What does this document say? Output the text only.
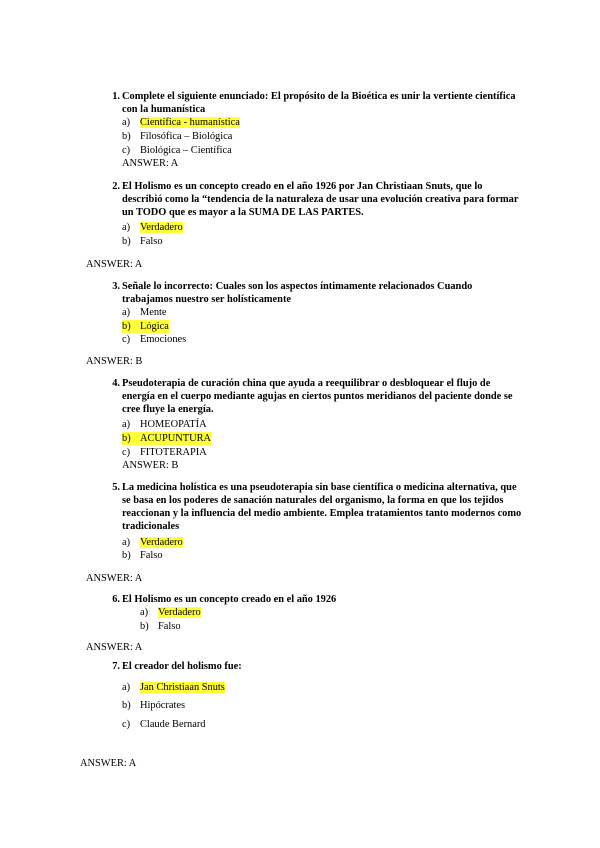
1. Complete el siguiente enunciado: El propósito de la Bioética es unir la vertiente científica con la humanística
a) Científica - humanística
b) Filosófica – Biológica
c) Biológica – Científica
ANSWER: A
2. El Holismo es un concepto creado en el año 1926 por Jan Christiaan Snuts, que lo describió como la “tendencia de la naturaleza de usar una evolución creativa para formar un TODO que es mayor a la SUMA DE LAS PARTES.
a) Verdadero
b) Falso
ANSWER: A
3. Señale lo incorrecto: Cuales son los aspectos íntimamente relacionados Cuando trabajamos nuestro ser holísticamente
a) Mente
b) Lógica
c) Emociones
ANSWER: B
4. Pseudoterapia de curación china que ayuda a reequilibrar o desbloquear el flujo de energía en el cuerpo mediante agujas en ciertos puntos meridianos del paciente donde se cree fluye la energía.
a) HOMEOPATÍA
b) ACUPUNTURA
c) FITOTERAPIA
ANSWER: B
5. La medicina holística es una pseudoterapia sin base científica o medicina alternativa, que se basa en los poderes de sanación naturales del organismo, la forma en que los tejidos reaccionan y la influencia del medio ambiente. Emplea tratamientos tanto modernos como tradicionales
a) Verdadero
b) Falso
ANSWER: A
6. El Holismo es un concepto creado en el año 1926
a) Verdadero
b) Falso
ANSWER: A
7. El creador del holismo fue:
a) Jan Christiaan Snuts
b) Hipócrates
c) Claude Bernard
ANSWER: A
